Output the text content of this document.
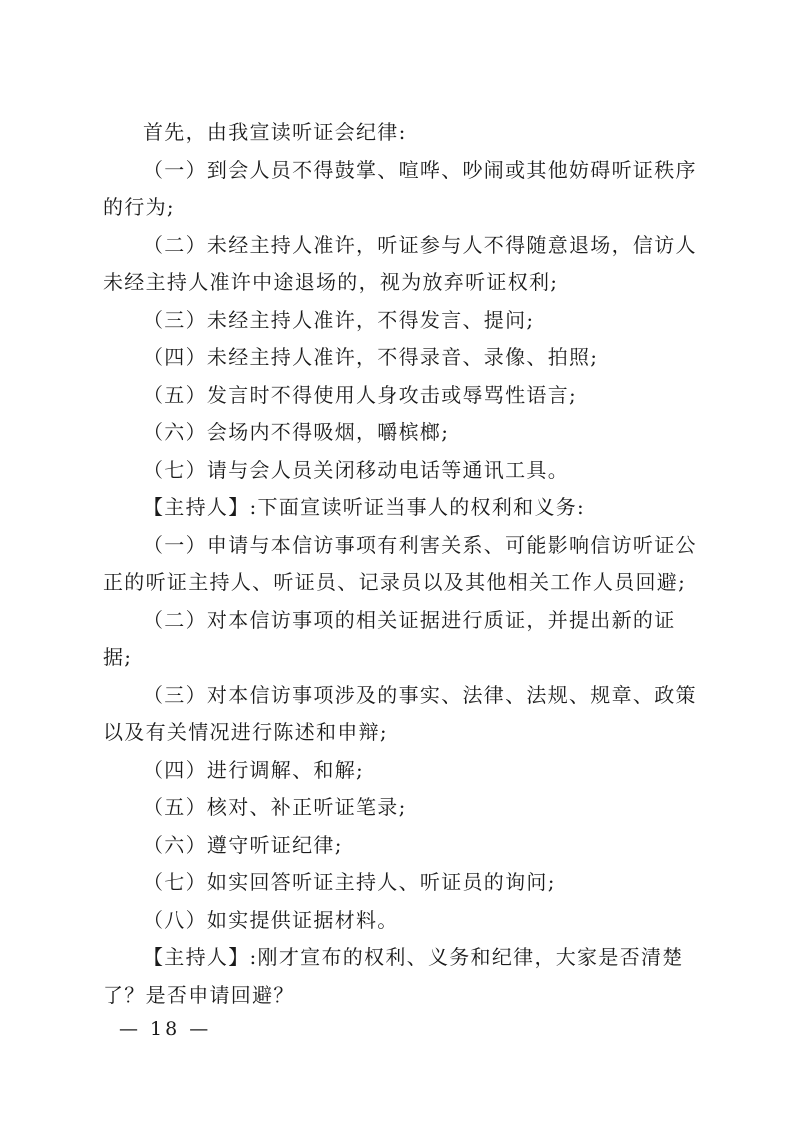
首先，由我宣读听证会纪律:

（一）到会人员不得鼓掌、喧哗、吵闹或其他妨碍听证秩序的行为;

（二）未经主持人准许，听证参与人不得随意退场，信访人未经主持人准许中途退场的，视为放弃听证权利;

（三）未经主持人准许，不得发言、提问;

（四）未经主持人准许，不得录音、录像、拍照;

（五）发言时不得使用人身攻击或辱骂性语言;

（六）会场内不得吸烟，嚼槟榔;

（七）请与会人员关闭移动电话等通讯工具。

【主持人】:下面宣读听证当事人的权利和义务:

（一）申请与本信访事项有利害关系、可能影响信访听证公正的听证主持人、听证员、记录员以及其他相关工作人员回避;

（二）对本信访事项的相关证据进行质证，并提出新的证据;

（三）对本信访事项涉及的事实、法律、法规、规章、政策以及有关情况进行陈述和申辩;

（四）进行调解、和解;

（五）核对、补正听证笔录;

（六）遵守听证纪律;

（七）如实回答听证主持人、听证员的询问;

（八）如实提供证据材料。

【主持人】:刚才宣布的权利、义务和纪律，大家是否清楚了？是否申请回避？

— 18 —
